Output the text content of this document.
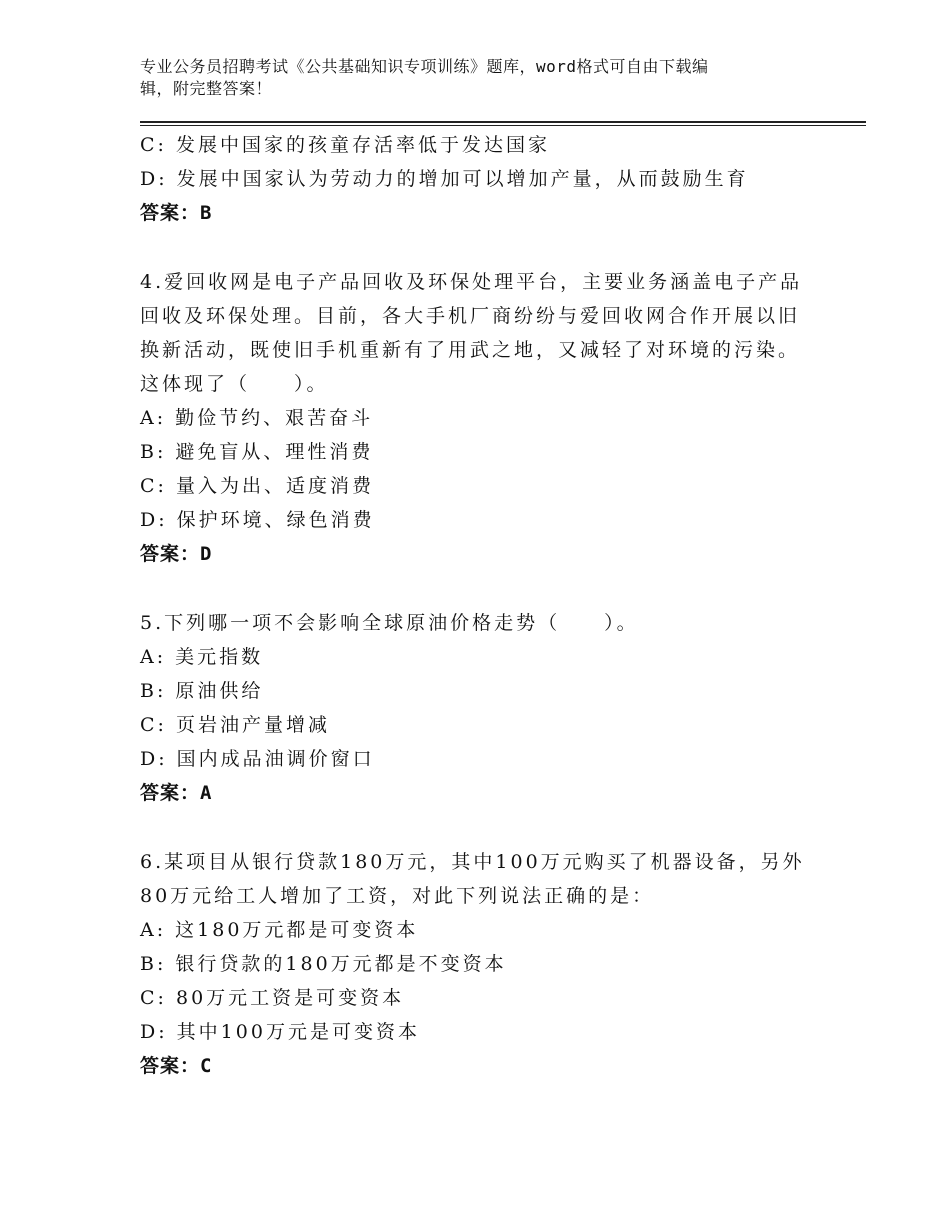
专业公务员招聘考试《公共基础知识专项训练》题库，word格式可自由下载编
辑，附完整答案！
C: 发展中国家的孩童存活率低于发达国家
D: 发展中国家认为劳动力的增加可以增加产量，从而鼓励生育
答案：B
4.爱回收网是电子产品回收及环保处理平台，主要业务涵盖电子产品
回收及环保处理。目前，各大手机厂商纷纷与爱回收网合作开展以旧
换新活动，既使旧手机重新有了用武之地，又减轻了对环境的污染。
这体现了（　　）。
A: 勤俭节约、艰苦奋斗
B: 避免盲从、理性消费
C: 量入为出、适度消费
D: 保护环境、绿色消费
答案：D
5.下列哪一项不会影响全球原油价格走势（　　）。
A: 美元指数
B: 原油供给
C: 页岩油产量增减
D: 国内成品油调价窗口
答案：A
6.某项目从银行贷款180万元，其中100万元购买了机器设备，另外
80万元给工人增加了工资，对此下列说法正确的是：
A: 这180万元都是可变资本
B: 银行贷款的180万元都是不变资本
C: 80万元工资是可变资本
D: 其中100万元是可变资本
答案：C
